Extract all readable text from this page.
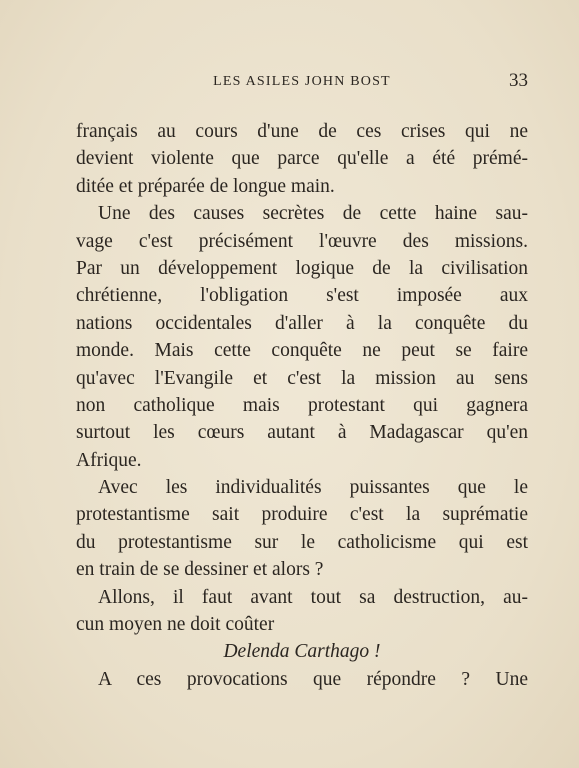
LES ASILES JOHN BOST	33
français au cours d'une de ces crises qui ne
devient violente que parce qu'elle a été prémé-
ditée et préparée de longue main.
Une des causes secrètes de cette haine sau-
vage c'est précisément l'œuvre des missions.
Par un développement logique de la civilisation
chrétienne, l'obligation s'est imposée aux
nations occidentales d'aller à la conquête du
monde. Mais cette conquête ne peut se faire
qu'avec l'Evangile et c'est la mission au sens
non catholique mais protestant qui gagnera
surtout les cœurs autant à Madagascar qu'en
Afrique.
Avec les individualités puissantes que le
protestantisme sait produire c'est la suprématie
du protestantisme sur le catholicisme qui est
en train de se dessiner et alors ?
Allons, il faut avant tout sa destruction, au-
cun moyen ne doit coûter
Delenda Carthago !
A ces provocations que répondre ? Une
